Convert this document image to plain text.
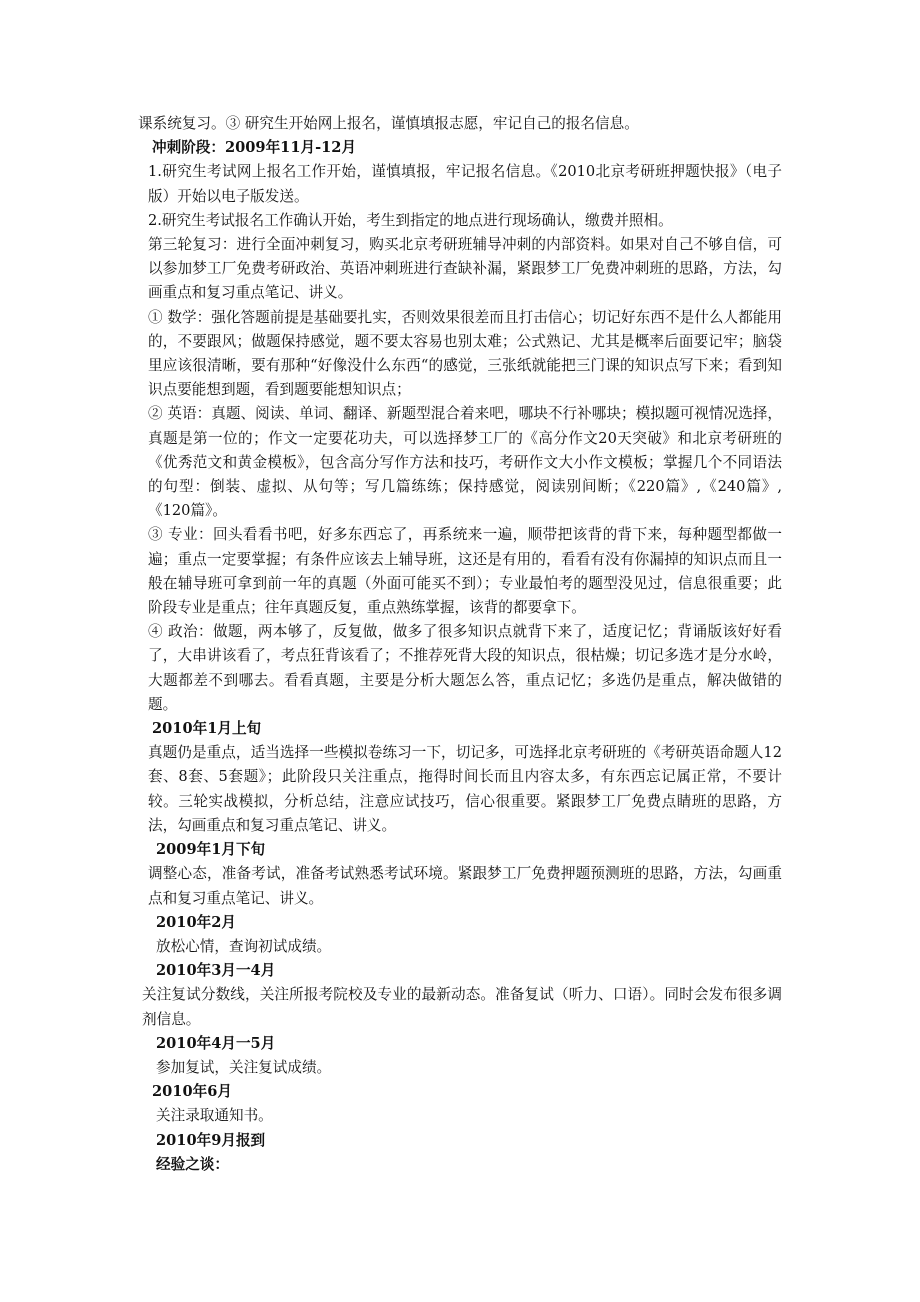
课系统复习。③ 研究生开始网上报名，谨慎填报志愿，牢记自己的报名信息。

冲刺阶段：2009年11月-12月

1.研究生考试网上报名工作开始，谨慎填报，牢记报名信息。《2010北京考研班押题快报》（电子版）开始以电子版发送。

2.研究生考试报名工作确认开始，考生到指定的地点进行现场确认，缴费并照相。

第三轮复习：进行全面冲刺复习，购买北京考研班辅导冲刺的内部资料。如果对自己不够自信，可以参加梦工厂免费考研政治、英语冲刺班进行查缺补漏，紧跟梦工厂免费冲刺班的思路，方法，勾画重点和复习重点笔记、讲义。

① 数学：强化答题前提是基础要扎实，否则效果很差而且打击信心；切记好东西不是什么人都能用的，不要跟风；做题保持感觉，题不要太容易也别太难；公式熟记、尤其是概率后面要记牢；脑袋里应该很清晰，要有那种“好像没什么东西“的感觉，三张纸就能把三门课的知识点写下来；看到知识点要能想到题，看到题要能想知识点；

② 英语：真题、阅读、单词、翻译、新题型混合着来吧，哪块不行补哪块；模拟题可视情况选择，真题是第一位的；作文一定要花功夫，可以选择梦工厂的《高分作文20天突破》和北京考研班的《优秀范文和黄金模板》，包含高分写作方法和技巧，考研作文大小作文模板；掌握几个不同语法的句型：倒装、虚拟、从句等；写几篇练练；保持感觉，阅读别间断；《220篇》,《240篇》,《120篇》。

③ 专业：回头看看书吧，好多东西忘了，再系统来一遍，顺带把该背的背下来，每种题型都做一遍；重点一定要掌握；有条件应该去上辅导班，这还是有用的，看看有没有你漏掉的知识点而且一般在辅导班可拿到前一年的真题（外面可能买不到）；专业最怕考的题型没见过，信息很重要；此阶段专业是重点；往年真题反复，重点熟练掌握，该背的都要拿下。

④ 政治：做题，两本够了，反复做，做多了很多知识点就背下来了，适度记忆；背诵版该好好看了，大串讲该看了，考点狂背该看了；不推荐死背大段的知识点，很枯燥；切记多选才是分水岭，大题都差不到哪去。看看真题，主要是分析大题怎么答，重点记忆；多选仍是重点，解决做错的题。

2010年1月上旬

真题仍是重点，适当选择一些模拟卷练习一下，切记多，可选择北京考研班的《考研英语命题人12套、8套、5套题》；此阶段只关注重点，拖得时间长而且内容太多，有东西忘记属正常，不要计较。三轮实战模拟，分析总结，注意应试技巧，信心很重要。紧跟梦工厂免费点睛班的思路，方法，勾画重点和复习重点笔记、讲义。

2009年1月下旬

调整心态，准备考试，准备考试熟悉考试环境。紧跟梦工厂免费押题预测班的思路，方法，勾画重点和复习重点笔记、讲义。

2010年2月

放松心情，查询初试成绩。

2010年3月一4月

关注复试分数线，关注所报考院校及专业的最新动态。准备复试（听力、口语）。同时会发布很多调剂信息。

2010年4月一5月

参加复试，关注复试成绩。

2010年6月

关注录取通知书。

2010年9月报到

经验之谈：
